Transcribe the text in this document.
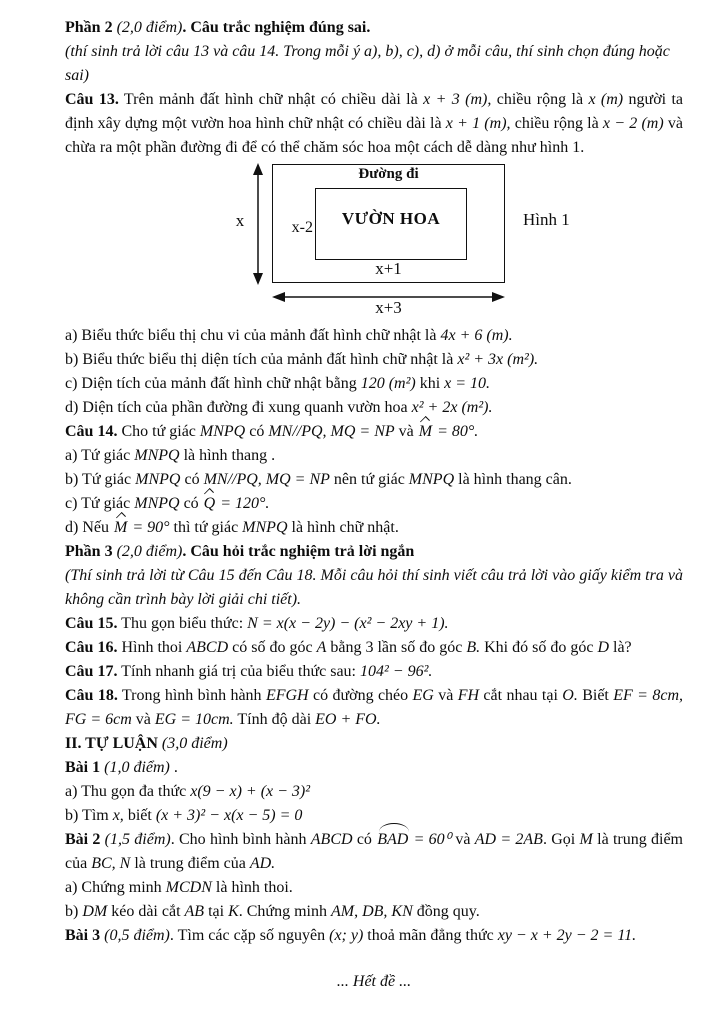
Phần 2 (2,0 điểm). Câu trắc nghiệm đúng sai.
(thí sinh trả lời câu 13 và câu 14. Trong mỗi ý a), b), c), d) ở mỗi câu, thí sinh chọn đúng hoặc sai)
Câu 13. Trên mảnh đất hình chữ nhật có chiều dài là x + 3 (m), chiều rộng là x (m) người ta định xây dựng một vườn hoa hình chữ nhật có chiều dài là x + 1 (m), chiều rộng là x − 2 (m) và chừa ra một phần đường đi để có thể chăm sóc hoa một cách dễ dàng như hình 1.
Đường đi
VƯỜN HOA
x	x-2
x+1
x+3
Hình 1
a) Biểu thức biểu thị chu vi của mảnh đất hình chữ nhật là 4x + 6 (m).
b) Biểu thức biểu thị diện tích của mảnh đất hình chữ nhật là x² + 3x (m²).
c) Diện tích của mảnh đất hình chữ nhật bằng 120 (m²) khi x = 10.
d) Diện tích của phần đường đi xung quanh vườn hoa x² + 2x (m²).
Câu 14. Cho tứ giác MNPQ có MN//PQ, MQ = NP và M = 80°.
a) Tứ giác MNPQ là hình thang .
b) Tứ giác MNPQ có MN//PQ, MQ = NP nên tứ giác MNPQ là hình thang cân.
c) Tứ giác MNPQ có Q = 120°.
d) Nếu M = 90° thì tứ giác MNPQ là hình chữ nhật.
Phần 3 (2,0 điểm). Câu hỏi trắc nghiệm trả lời ngắn
(Thí sinh trả lời từ Câu 15 đến Câu 18. Mỗi câu hỏi thí sinh viết câu trả lời vào giấy kiểm tra và không cần trình bày lời giải chi tiết).
Câu 15. Thu gọn biểu thức: N = x(x − 2y) − (x² − 2xy + 1).
Câu 16. Hình thoi ABCD có số đo góc A bằng 3 lần số đo góc B. Khi đó số đo góc D là?
Câu 17. Tính nhanh giá trị của biểu thức sau: 104² − 96².
Câu 18. Trong hình bình hành EFGH có đường chéo EG và FH cắt nhau tại O. Biết EF = 8cm, FG = 6cm và EG = 10cm. Tính độ dài EO + FO.
II. TỰ LUẬN (3,0 điểm)
Bài 1 (1,0 điểm) .
a) Thu gọn đa thức x(9 − x) + (x − 3)²
b) Tìm x, biết (x + 3)² − x(x − 5) = 0
Bài 2 (1,5 điểm). Cho hình bình hành ABCD có BAD = 60⁰ và AD = 2AB. Gọi M là trung điểm của BC, N là trung điểm của AD.
a) Chứng minh MCDN là hình thoi.
b) DM kéo dài cắt AB tại K. Chứng minh AM, DB, KN đồng quy.
Bài 3 (0,5 điểm). Tìm các cặp số nguyên (x; y) thoả mãn đẳng thức xy − x + 2y − 2 = 11.
... Hết đề ...
